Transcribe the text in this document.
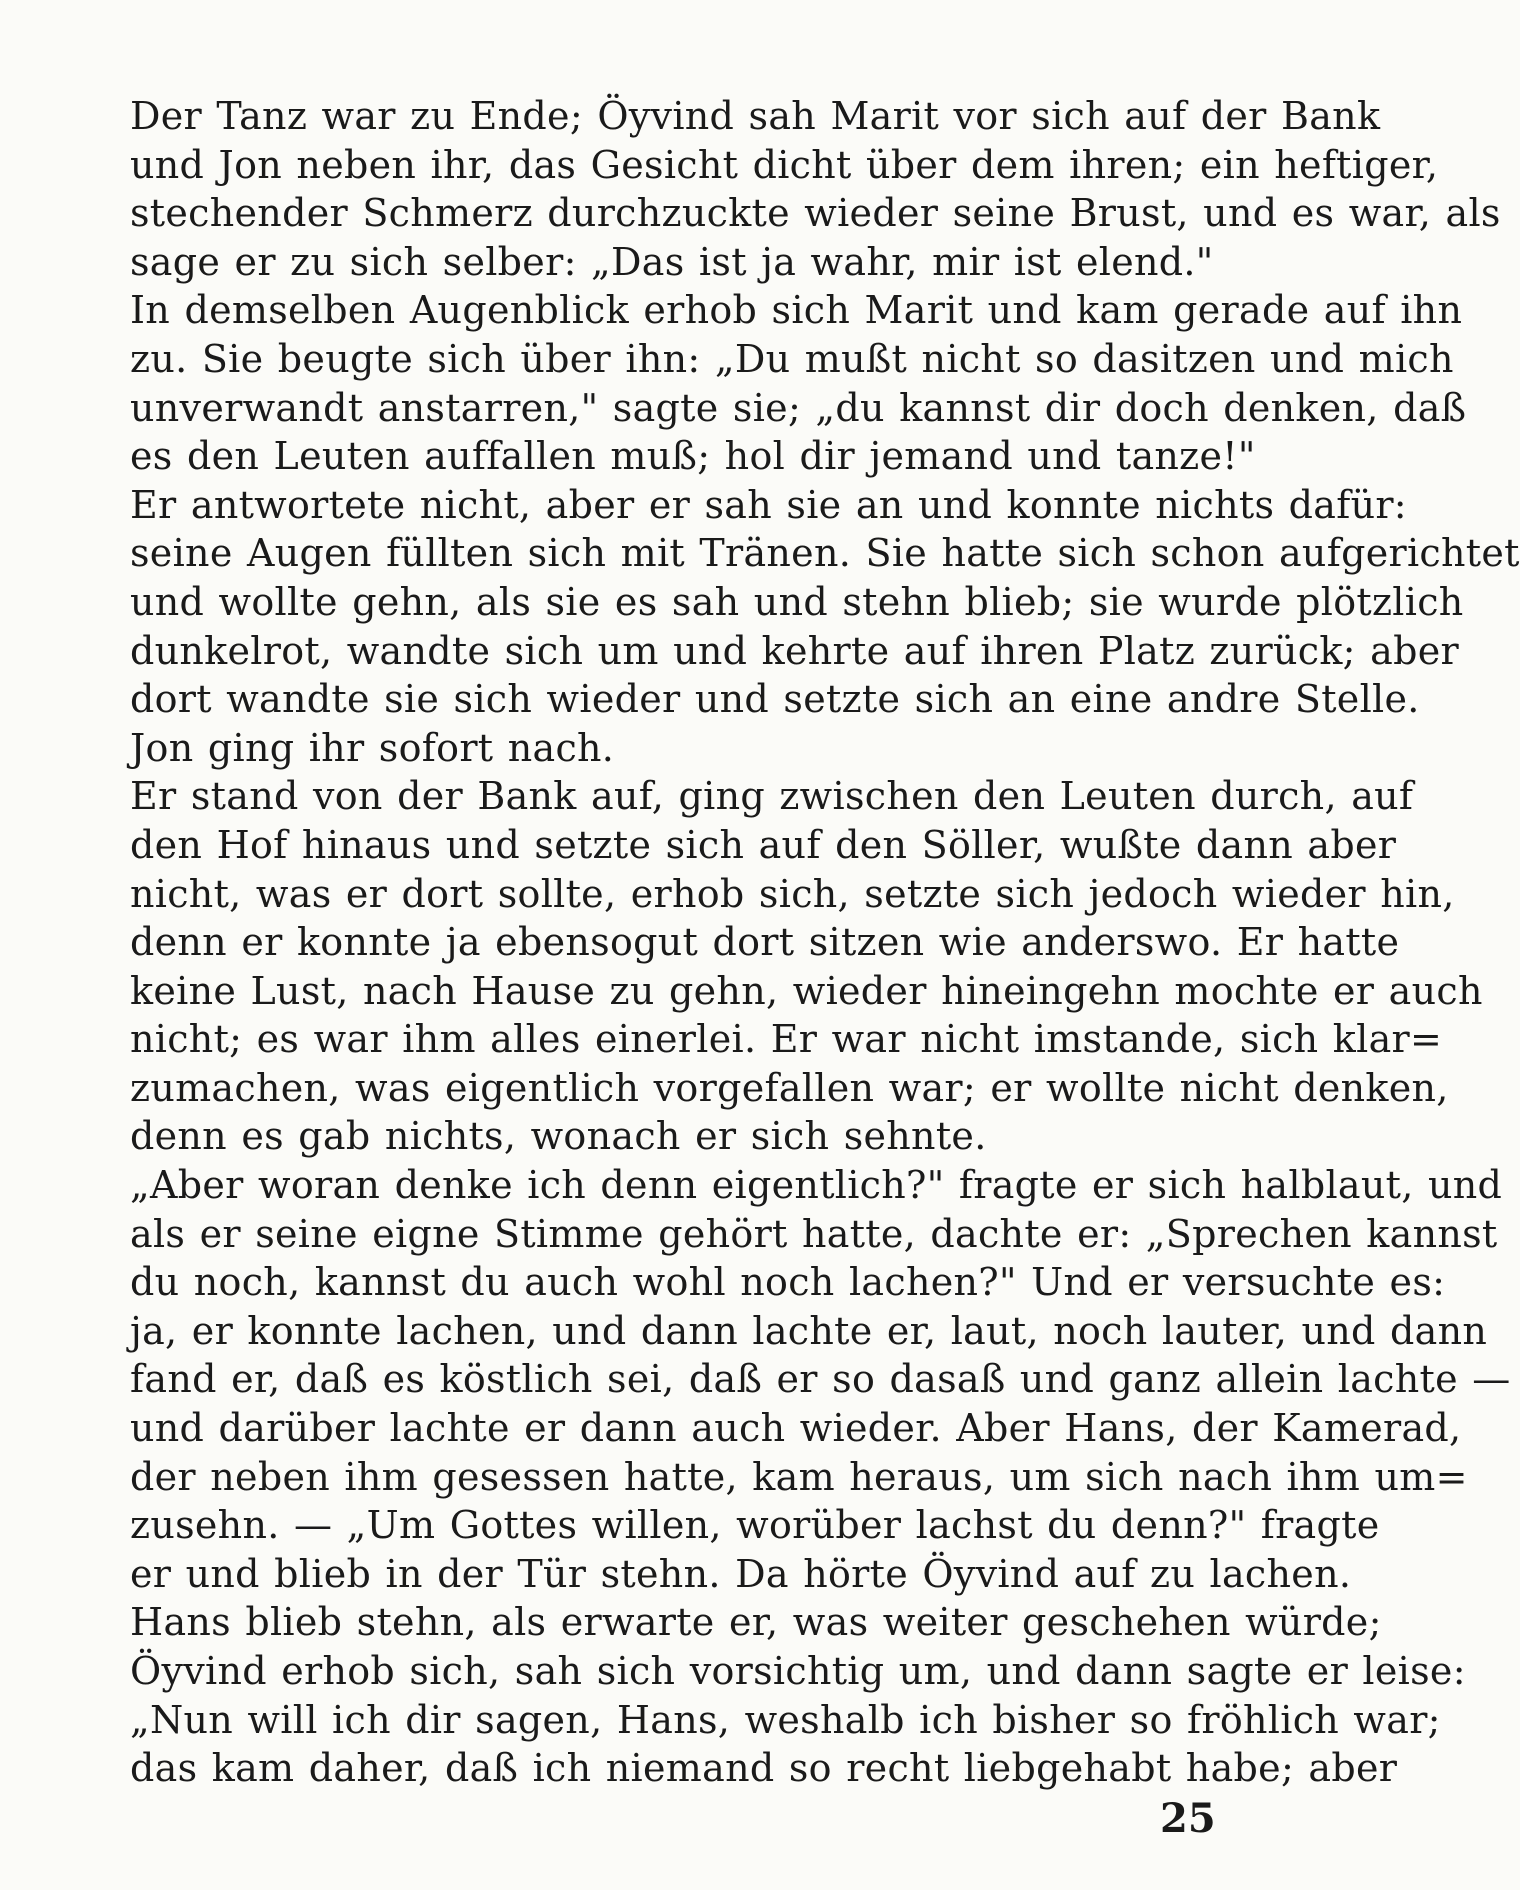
Der Tanz war zu Ende; Öyvind sah Marit vor sich auf der Bank
und Jon neben ihr, das Gesicht dicht über dem ihren; ein heftiger,
stechender Schmerz durchzuckte wieder seine Brust, und es war, als
sage er zu sich selber: „Das ist ja wahr, mir ist elend."
In demselben Augenblick erhob sich Marit und kam gerade auf ihn
zu. Sie beugte sich über ihn: „Du mußt nicht so dasitzen und mich
unverwandt anstarren," sagte sie; „du kannst dir doch denken, daß
es den Leuten auffallen muß; hol dir jemand und tanze!"
Er antwortete nicht, aber er sah sie an und konnte nichts dafür:
seine Augen füllten sich mit Tränen. Sie hatte sich schon aufgerichtet
und wollte gehn, als sie es sah und stehn blieb; sie wurde plötzlich
dunkelrot, wandte sich um und kehrte auf ihren Platz zurück; aber
dort wandte sie sich wieder und setzte sich an eine andre Stelle.
Jon ging ihr sofort nach.
Er stand von der Bank auf, ging zwischen den Leuten durch, auf
den Hof hinaus und setzte sich auf den Söller, wußte dann aber
nicht, was er dort sollte, erhob sich, setzte sich jedoch wieder hin,
denn er konnte ja ebensogut dort sitzen wie anderswo. Er hatte
keine Lust, nach Hause zu gehn, wieder hineingehn mochte er auch
nicht; es war ihm alles einerlei. Er war nicht imstande, sich klar=
zumachen, was eigentlich vorgefallen war; er wollte nicht denken,
denn es gab nichts, wonach er sich sehnte.
„Aber woran denke ich denn eigentlich?" fragte er sich halblaut, und
als er seine eigne Stimme gehört hatte, dachte er: „Sprechen kannst
du noch, kannst du auch wohl noch lachen?" Und er versuchte es:
ja, er konnte lachen, und dann lachte er, laut, noch lauter, und dann
fand er, daß es köstlich sei, daß er so dasaß und ganz allein lachte —
und darüber lachte er dann auch wieder. Aber Hans, der Kamerad,
der neben ihm gesessen hatte, kam heraus, um sich nach ihm um=
zusehn. — „Um Gottes willen, worüber lachst du denn?" fragte
er und blieb in der Tür stehn. Da hörte Öyvind auf zu lachen.
Hans blieb stehn, als erwarte er, was weiter geschehen würde;
Öyvind erhob sich, sah sich vorsichtig um, und dann sagte er leise:
„Nun will ich dir sagen, Hans, weshalb ich bisher so fröhlich war;
das kam daher, daß ich niemand so recht liebgehabt habe; aber
25
